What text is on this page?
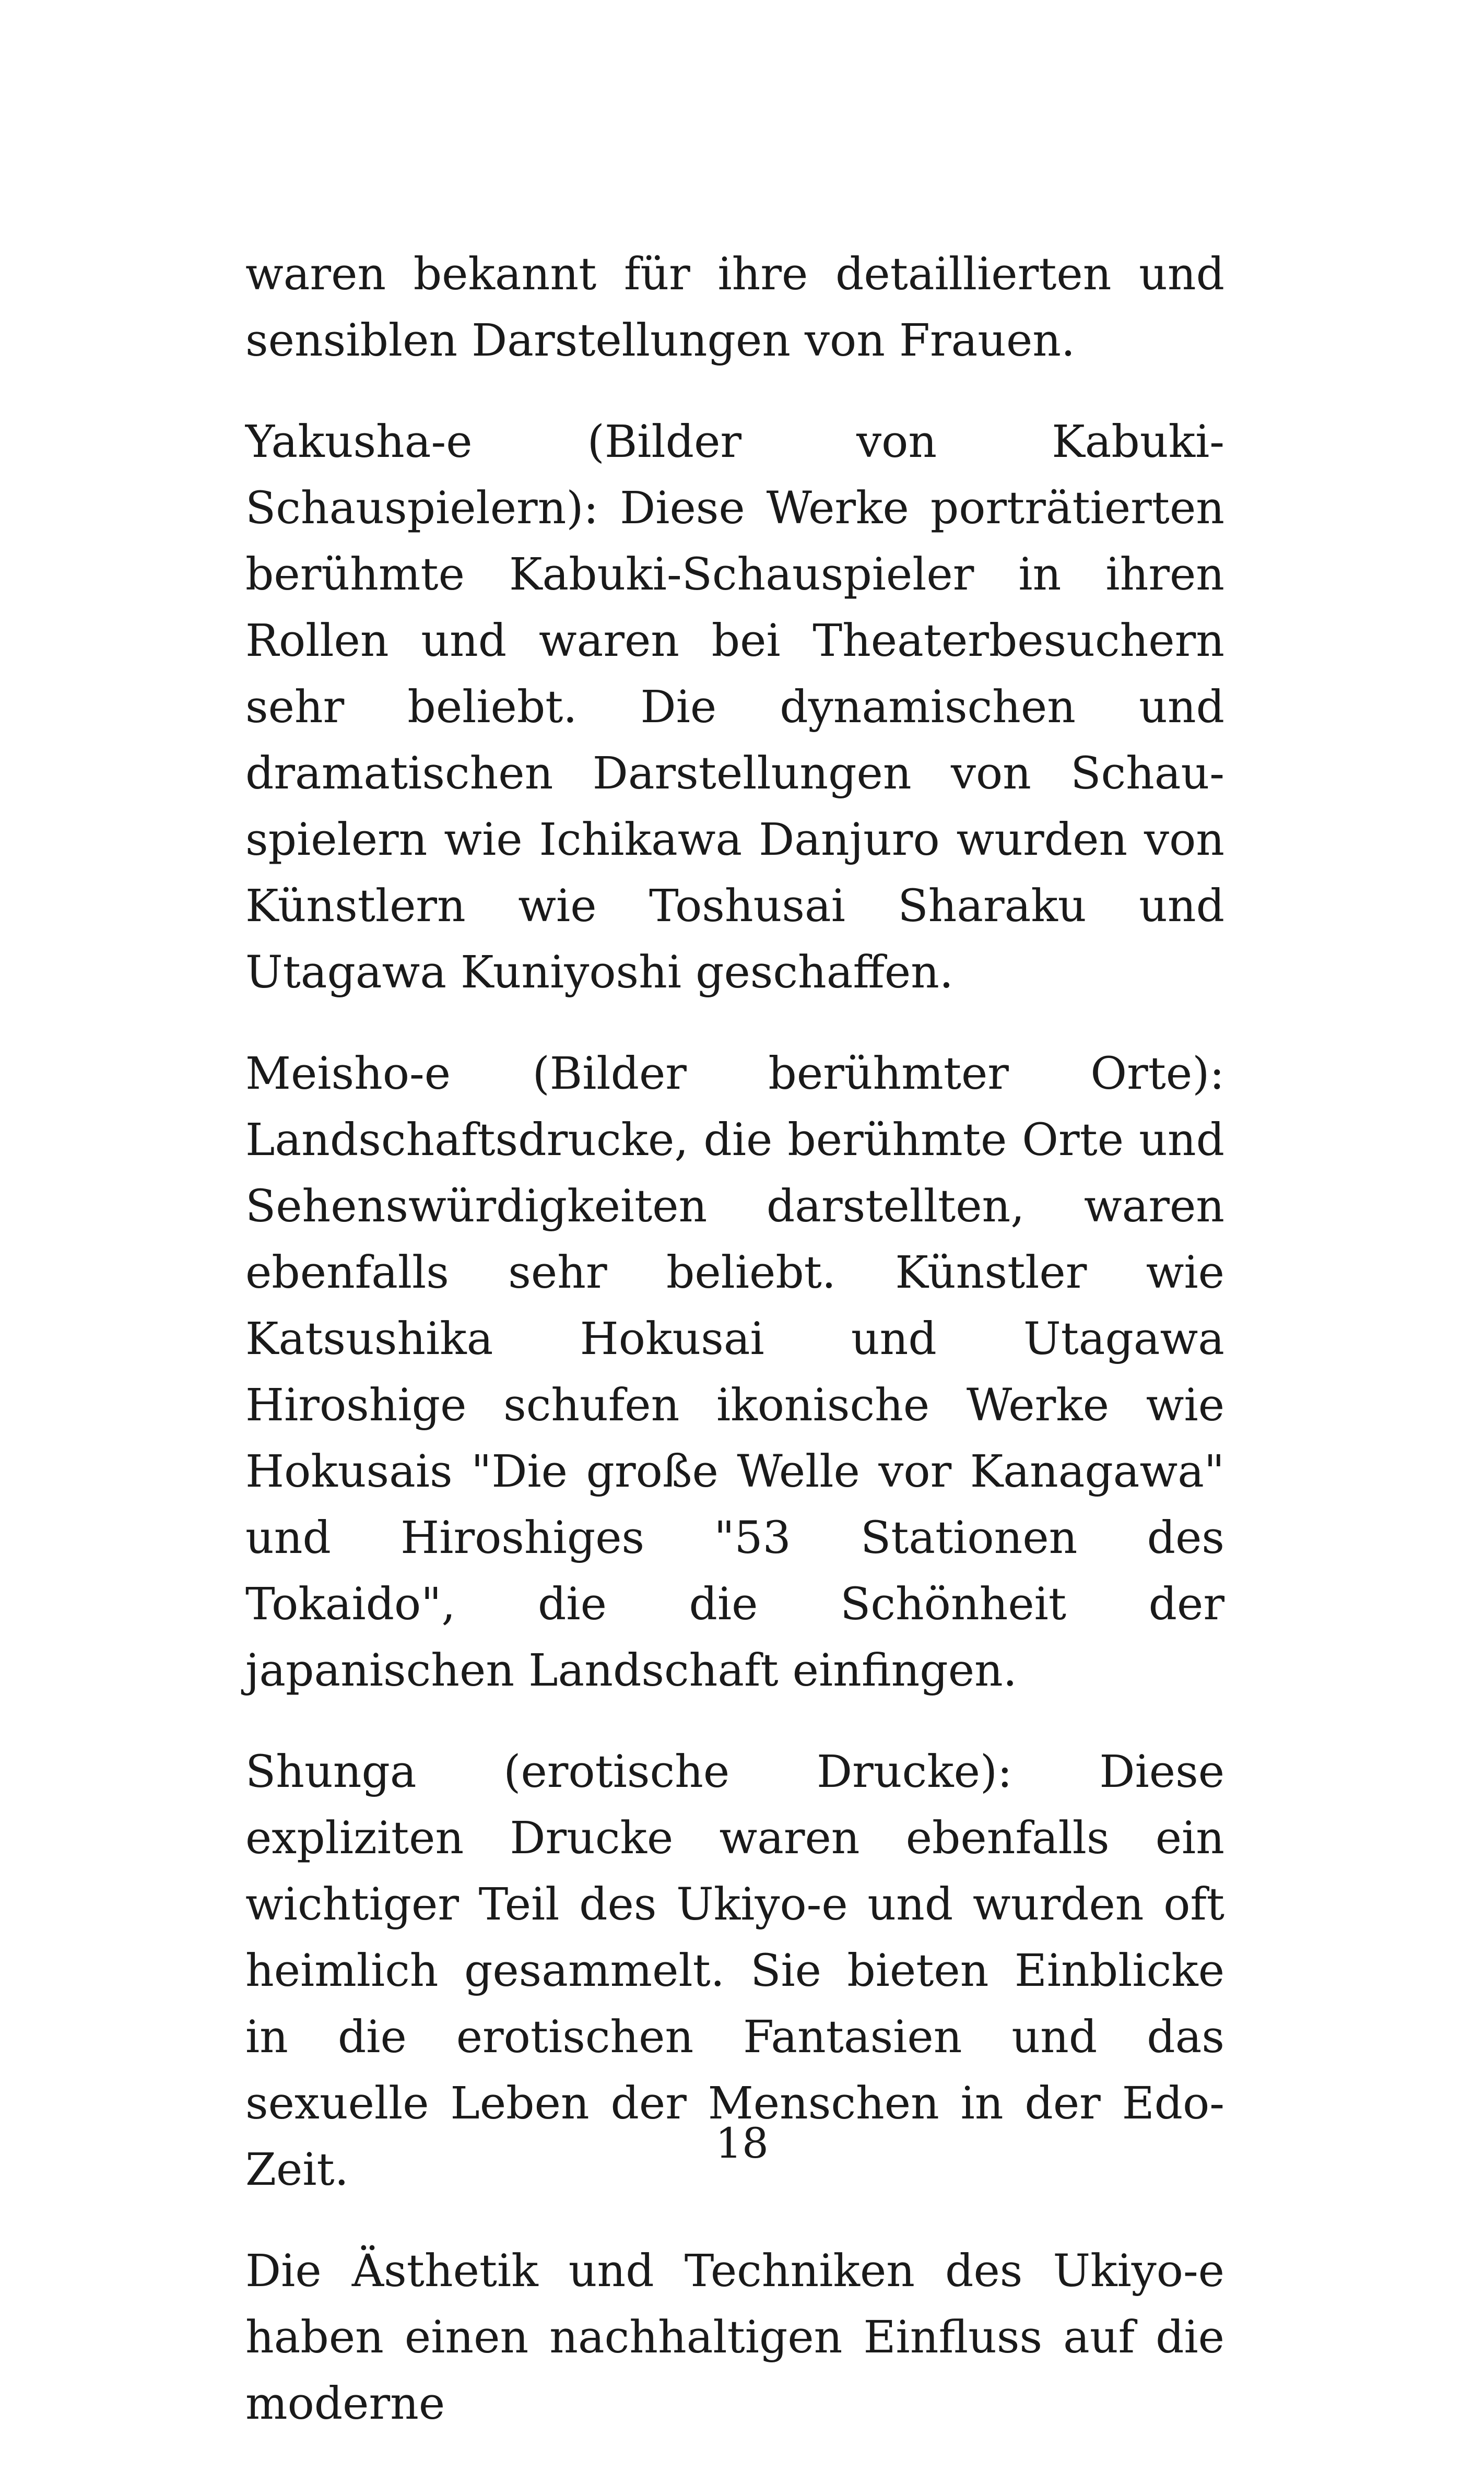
waren bekannt für ihre detaillierten und sensiblen Darstellungen von Frauen.

Yakusha-e (Bilder von Kabuki-Schauspielern): Diese Werke porträtierten berühmte Kabuki-Schauspieler in ihren Rollen und waren bei Theaterbesuchern sehr beliebt. Die dynamischen und dramatischen Darstellungen von Schauspielern wie Ichikawa Danjuro wurden von Künstlern wie Toshusai Sharaku und Utagawa Kuniyoshi geschaffen.

Meisho-e (Bilder berühmter Orte): Landschaftsdrucke, die berühmte Orte und Sehenswürdigkeiten darstellten, waren ebenfalls sehr beliebt. Künstler wie Katsushika Hokusai und Utagawa Hiroshige schufen ikonische Werke wie Hokusais "Die große Welle vor Kanagawa" und Hiroshiges "53 Stationen des Tokaido", die die Schönheit der japanischen Landschaft einfingen.

Shunga (erotische Drucke): Diese expliziten Drucke waren ebenfalls ein wichtiger Teil des Ukiyo-e und wurden oft heimlich gesammelt. Sie bieten Einblicke in die erotischen Fantasien und das sexuelle Leben der Menschen in der Edo-Zeit.

Die Ästhetik und Techniken des Ukiyo-e haben einen nachhaltigen Einfluss auf die moderne

18
